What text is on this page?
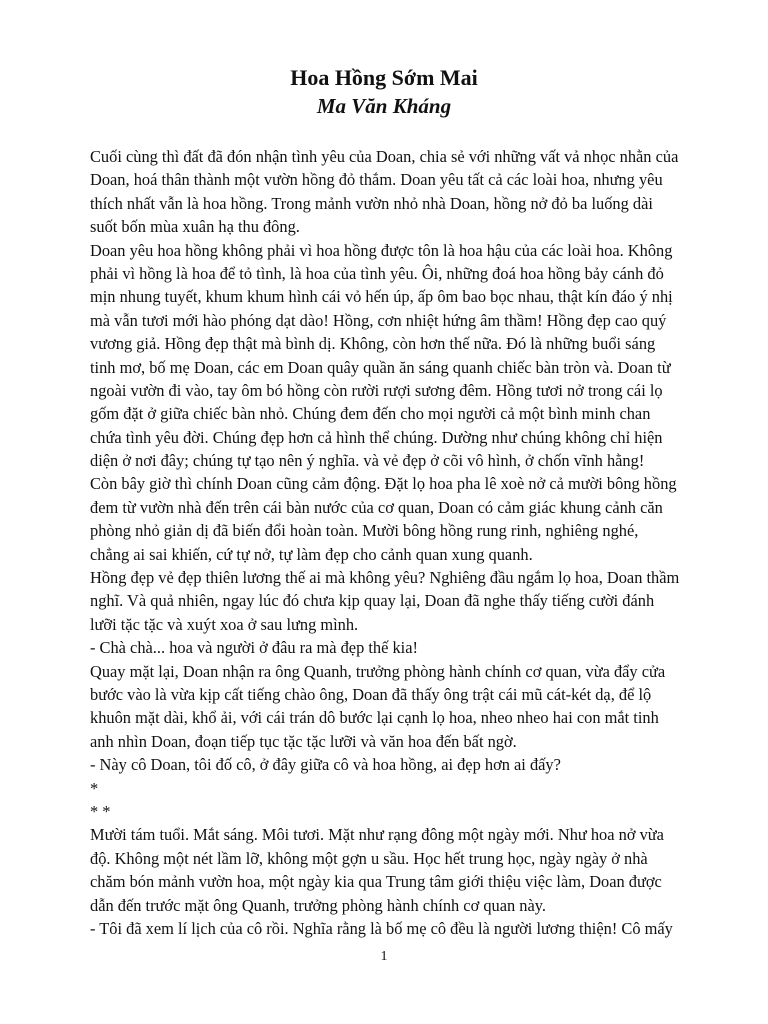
Hoa Hồng Sớm Mai
Ma Văn Kháng
Cuối cùng thì đất đã đón nhận tình yêu của Doan, chia sẻ với những vất vả nhọc nhằn của
Doan, hoá thân thành một vườn hồng đỏ thắm. Doan yêu tất cả các loài hoa, nhưng yêu
thích nhất vẫn là hoa hồng. Trong mảnh vườn nhỏ nhà Doan, hồng nở đỏ ba luống dài
suốt bốn mùa xuân hạ thu đông.
Doan yêu hoa hồng không phải vì hoa hồng được tôn là hoa hậu của các loài hoa. Không
phải vì hồng là hoa để tỏ tình, là hoa của tình yêu. Ôi, những đoá hoa hồng bảy cánh đỏ
mịn nhung tuyết, khum khum hình cái vỏ hến úp, ấp ôm bao bọc nhau, thật kín đáo ý nhị
mà vẫn tươi mới hào phóng dạt dào! Hồng, cơn nhiệt hứng âm thầm! Hồng đẹp cao quý
vương giả. Hồng đẹp thật mà bình dị. Không, còn hơn thế nữa. Đó là những buổi sáng
tinh mơ, bố mẹ Doan, các em Doan quây quần ăn sáng quanh chiếc bàn tròn và. Doan từ
ngoài vườn đi vào, tay ôm bó hồng còn rười rượi sương đêm. Hồng tươi nở trong cái lọ
gốm đặt ở giữa chiếc bàn nhỏ. Chúng đem đến cho mọi người cả một bình minh chan
chứa tình yêu đời. Chúng đẹp hơn cả hình thể chúng. Dường như chúng không chỉ hiện
diện ở nơi đây; chúng tự tạo nên ý nghĩa. và vẻ đẹp ở cõi vô hình, ở chốn vĩnh hằng!
Còn bây giờ thì chính Doan cũng cảm động. Đặt lọ hoa pha lê xoè nở cả mười bông hồng
đem từ vườn nhà đến trên cái bàn nước của cơ quan, Doan có cảm giác khung cảnh căn
phòng nhỏ giản dị đã biến đổi hoàn toàn. Mười bông hồng rung rinh, nghiêng nghé,
chẳng ai sai khiến, cứ tự nở, tự làm đẹp cho cảnh quan xung quanh.
Hồng đẹp vẻ đẹp thiên lương thế ai mà không yêu? Nghiêng đầu ngắm lọ hoa, Doan thầm
nghĩ. Và quả nhiên, ngay lúc đó chưa kịp quay lại, Doan đã nghe thấy tiếng cười đánh
lưỡi tặc tặc và xuýt xoa ở sau lưng mình.
- Chà chà... hoa và người ở đâu ra mà đẹp thế kia!
Quay mặt lại, Doan nhận ra ông Quanh, trưởng phòng hành chính cơ quan, vừa đẩy cửa
bước vào là vừa kịp cất tiếng chào ông, Doan đã thấy ông trật cái mũ cát-két dạ, để lộ
khuôn mặt dài, khổ ải, với cái trán dô bước lại cạnh lọ hoa, nheo nheo hai con mắt tinh
anh nhìn Doan, đoạn tiếp tục tặc tặc lưỡi và văn hoa đến bất ngờ.
- Này cô Doan, tôi đố cô, ở đây giữa cô và hoa hồng, ai đẹp hơn ai đấy?
*
* *
Mười tám tuổi. Mắt sáng. Môi tươi. Mặt như rạng đông một ngày mới. Như hoa nở vừa
độ. Không một nét lầm lỡ, không một gợn u sầu. Học hết trung học, ngày ngày ở nhà
chăm bón mảnh vườn hoa, một ngày kia qua Trung tâm giới thiệu việc làm, Doan được
dẫn đến trước mặt ông Quanh, trưởng phòng hành chính cơ quan này.
- Tôi đã xem lí lịch của cô rồi. Nghĩa rằng là bố mẹ cô đều là người lương thiện! Cô mấy
1
